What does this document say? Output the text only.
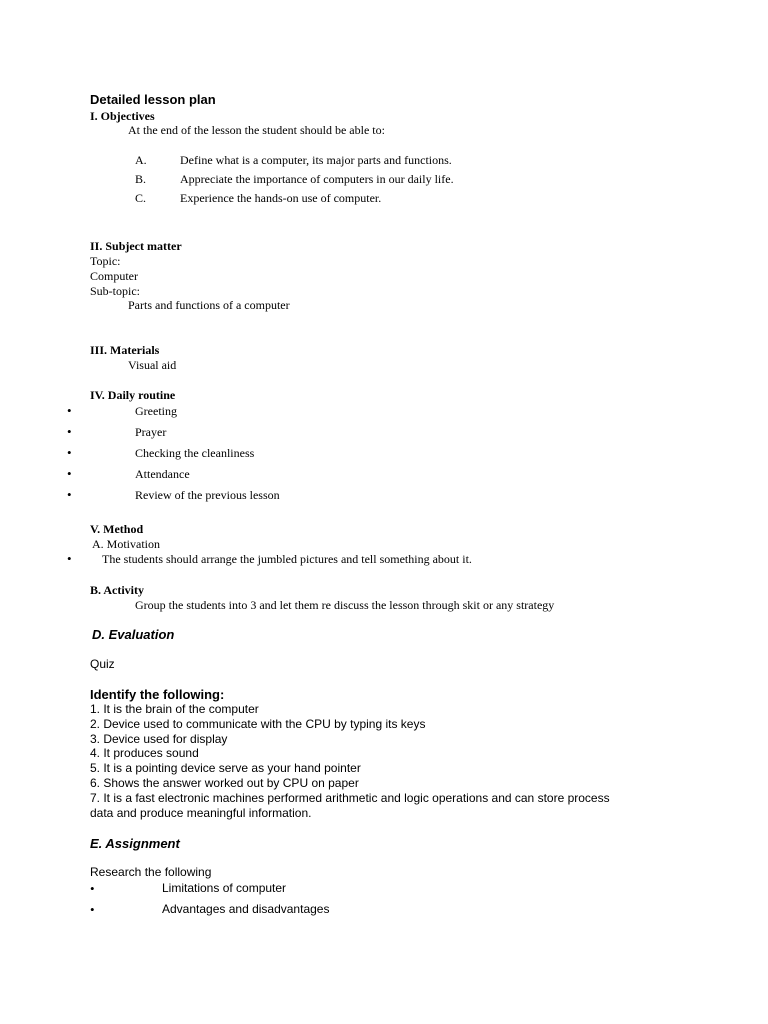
Detailed lesson plan
I. Objectives
At the end of the lesson the student should be able to:
A.	Define what is a computer, its major parts and functions.
B.	Appreciate the importance of computers in our daily life.
C.	Experience the hands-on use of computer.
II. Subject matter
Topic:
Computer
Sub-topic:
Parts and functions of a computer
III. Materials
Visual aid
IV. Daily routine
•	Greeting
•	Prayer
•	Checking the cleanliness
•	Attendance
•	Review of the previous lesson
V. Method
A. Motivation
•	The students should arrange the jumbled pictures and tell something about it.
B. Activity
Group the students into 3 and let them re discuss the lesson through skit or any strategy
D. Evaluation
Quiz
Identify the following:
1. It is the brain of the computer
2. Device used to communicate with the CPU by typing its keys
3. Device used for display
4. It produces sound
5. It is a pointing device serve as your hand pointer
6. Shows the answer worked out by CPU on paper
7. It is a fast electronic machines performed arithmetic and logic operations and can store process
data and produce meaningful information.
E. Assignment
Research the following
•	Limitations of computer
•	Advantages and disadvantages
